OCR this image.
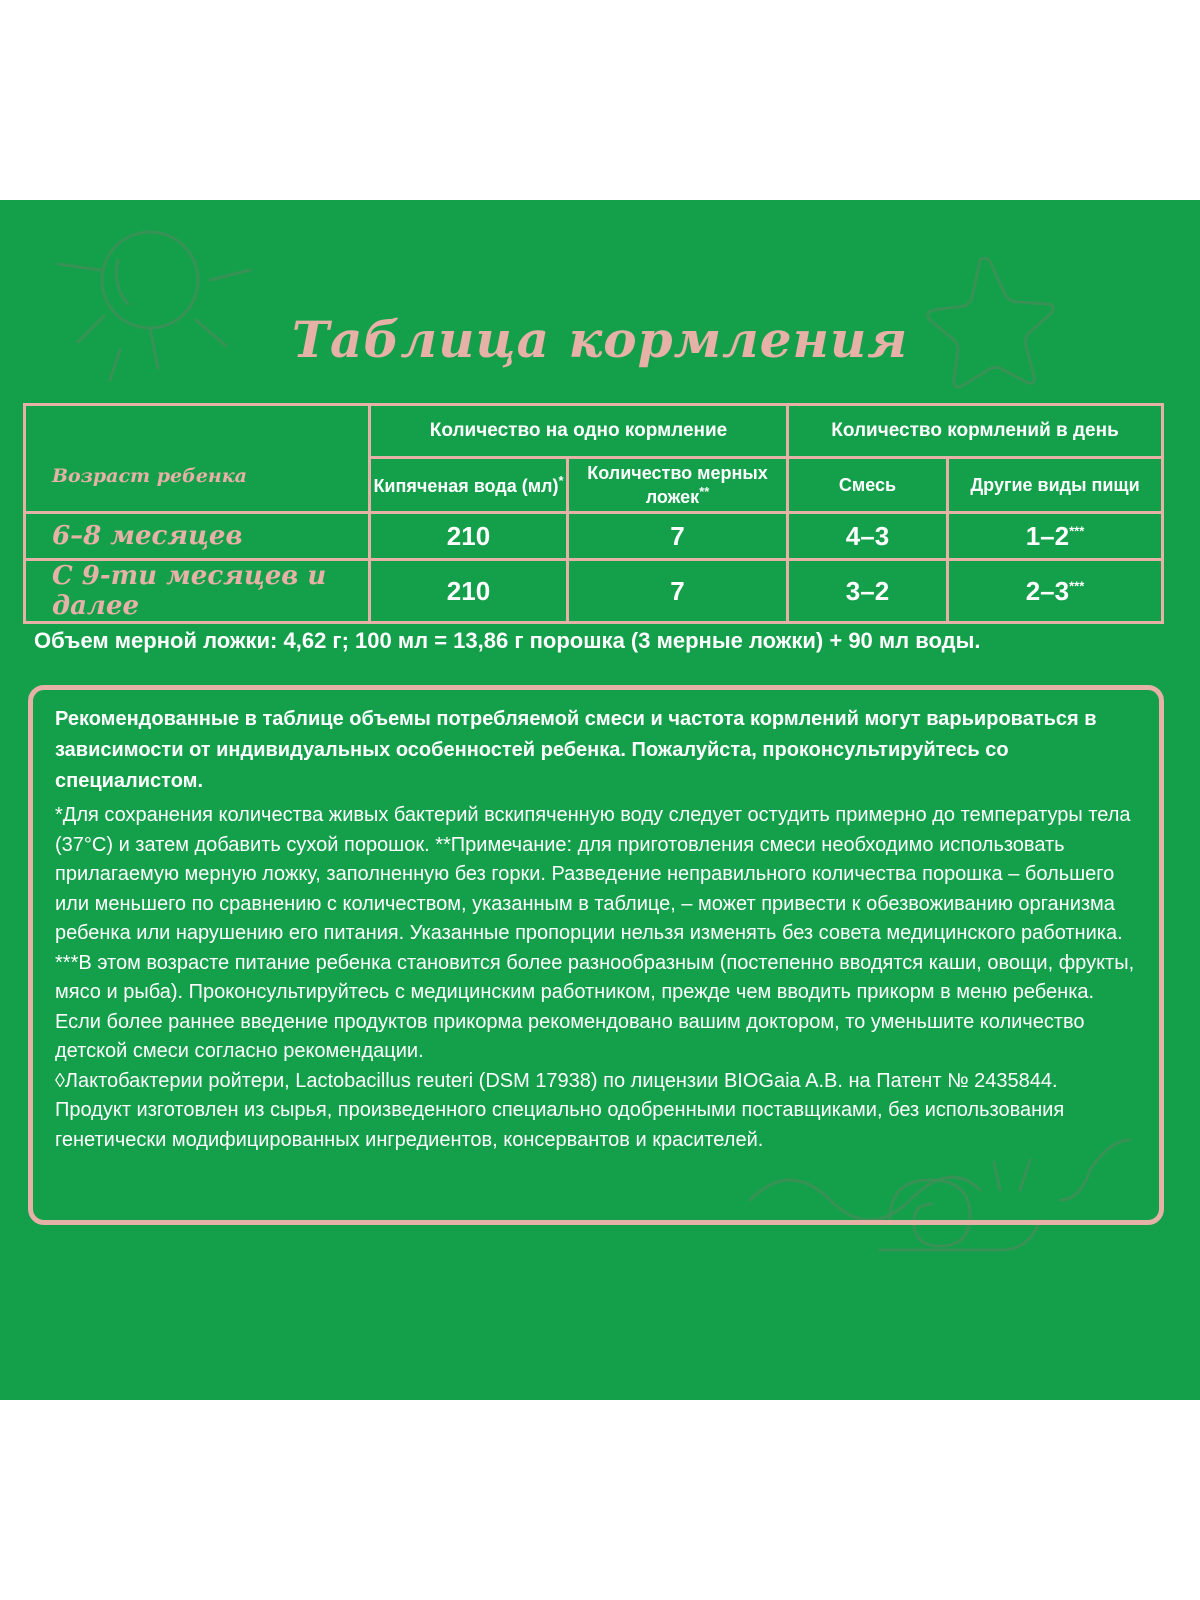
Таблица кормления
Возраст ребенка	Количество на одно кормление		Количество кормлений в день	
	Кипяченая вода (мл)*	Количество мерных ложек**	Смесь	Другие виды пищи
6–8 месяцев	210	7	4–3	1–2***
С 9-ти месяцев и далее	210	7	3–2	2–3***

Объем мерной ложки: 4,62 г; 100 мл = 13,86 г порошка (3 мерные ложки) + 90 мл воды.

Рекомендованные в таблице объемы потребляемой смеси и частота кормлений могут варьироваться в зависимости от индивидуальных особенностей ребенка. Пожалуйста, проконсультируйтесь со специалистом.

*Для сохранения количества живых бактерий вскипяченную воду следует остудить примерно до температуры тела (37°С) и затем добавить сухой порошок. **Примечание: для приготовления смеси необходимо использовать прилагаемую мерную ложку, заполненную без горки. Разведение неправильного количества порошка – большего или меньшего по сравнению с количеством, указанным в таблице, – может привести к обезвоживанию организма ребенка или нарушению его питания. Указанные пропорции нельзя изменять без совета медицинского работника. ***В этом возрасте питание ребенка становится более разнообразным (постепенно вводятся каши, овощи, фрукты, мясо и рыба). Проконсультируйтесь с медицинским работником, прежде чем вводить прикорм в меню ребенка. Если более раннее введение продуктов прикорма рекомендовано вашим доктором, то уменьшите количество детской смеси согласно рекомендации.

◊Лактобактерии ройтери, Lactobacillus reuteri (DSM 17938) по лицензии BIOGaia A.B. на Патент № 2435844.

Продукт изготовлен из сырья, произведенного специально одобренными поставщиками, без использования генетически модифицированных ингредиентов, консервантов и красителей.
